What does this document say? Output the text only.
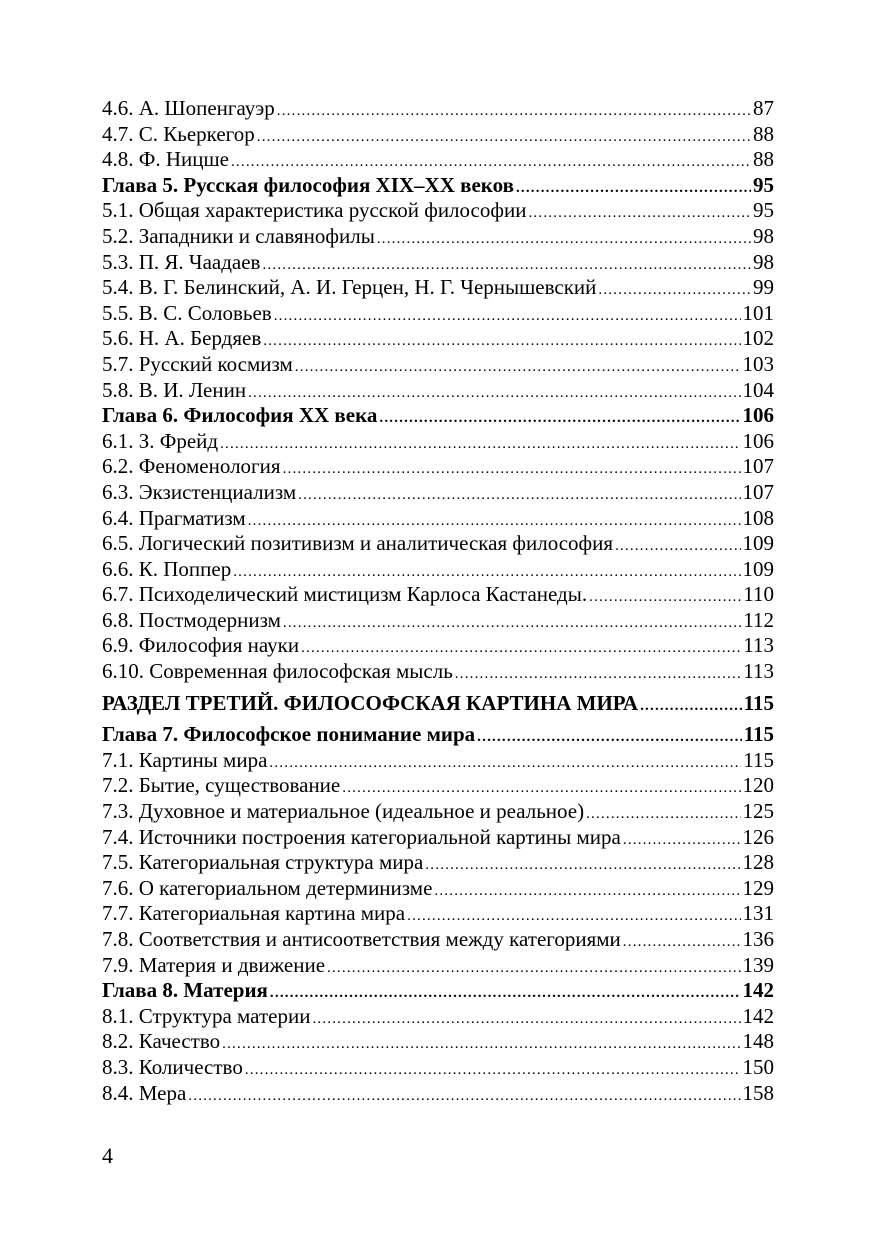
4.6. А. Шопенгауэр .....	87
4.7. С. Кьеркегор .....	88
4.8. Ф. Ницше .....	88
Глава 5. Русская философия XIX–XX веков .....	95
5.1. Общая характеристика русской философии .....	95
5.2. Западники и славянофилы .....	98
5.3. П. Я. Чаадаев .....	98
5.4. В. Г. Белинский, А. И. Герцен, Н. Г. Чернышевский .....	99
5.5. В. С. Соловьев .....	101
5.6. Н. А. Бердяев .....	102
5.7. Русский космизм .....	103
5.8. В. И. Ленин .....	104
Глава 6. Философия XX века .....	106
6.1. З. Фрейд .....	106
6.2. Феноменология .....	107
6.3. Экзистенциализм .....	107
6.4. Прагматизм .....	108
6.5. Логический позитивизм и аналитическая философия .....	109
6.6. К. Поппер .....	109
6.7. Психоделический мистицизм Карлоса Кастанеды. .....	110
6.8. Постмодернизм .....	112
6.9. Философия науки .....	113
6.10. Современная философская мысль .....	113
РАЗДЕЛ ТРЕТИЙ. ФИЛОСОФСКАЯ КАРТИНА МИРА .....	115
Глава 7. Философское понимание мира .....	115
7.1. Картины мира .....	115
7.2. Бытие, существование .....	120
7.3. Духовное и материальное (идеальное и реальное) .....	125
7.4. Источники построения категориальной картины мира .....	126
7.5. Категориальная структура мира .....	128
7.6. О категориальном детерминизме .....	129
7.7. Категориальная картина мира .....	131
7.8. Соответствия и антисоответствия между категориями .....	136
7.9. Материя и движение .....	139
Глава 8. Материя .....	142
8.1. Структура материи .....	142
8.2. Качество .....	148
8.3. Количество .....	150
8.4. Мера .....	158
4
